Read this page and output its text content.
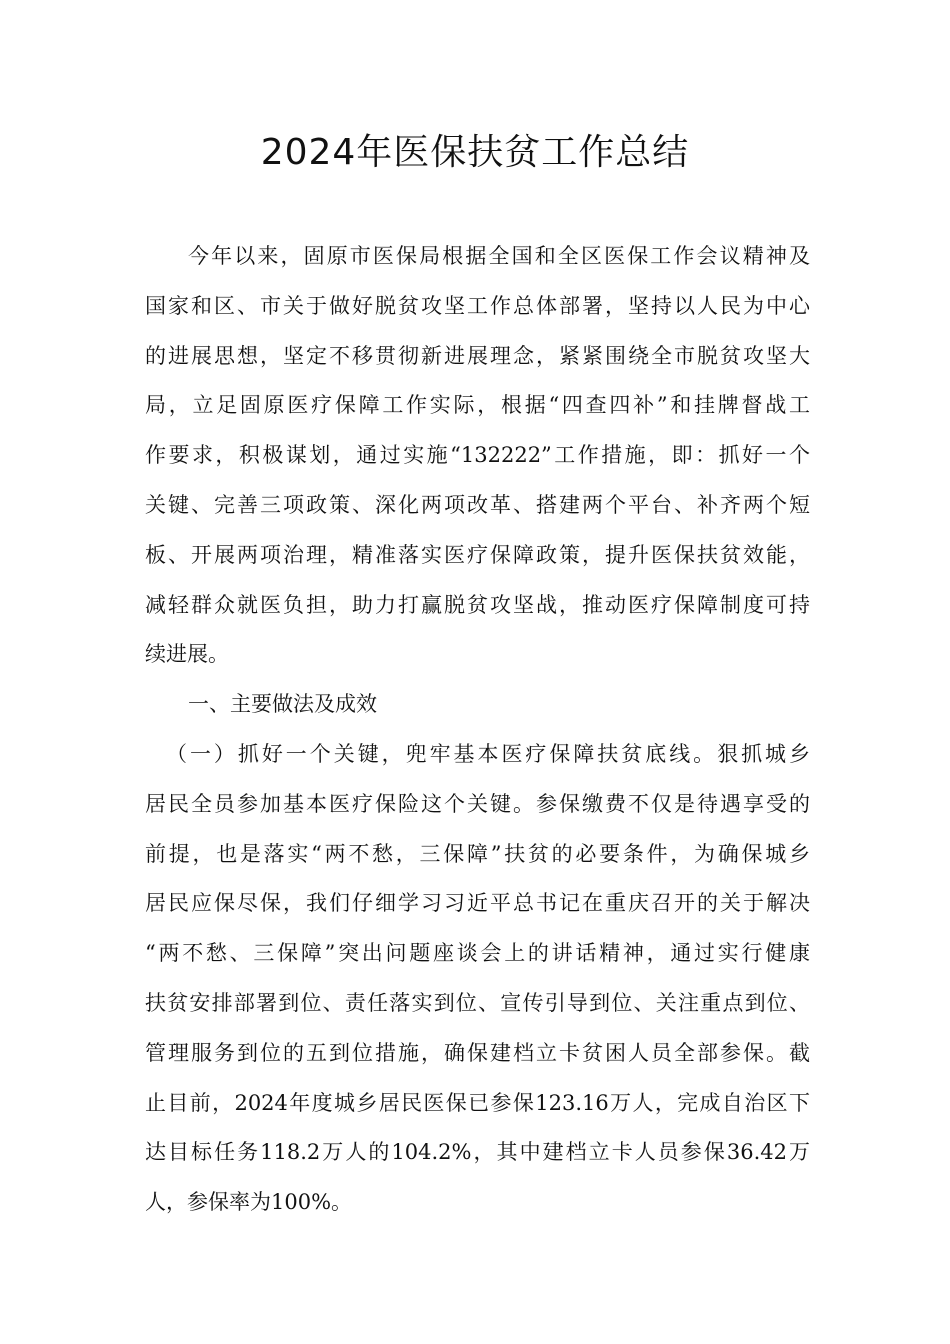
2024年医保扶贫工作总结
今年以来，固原市医保局根据全国和全区医保工作会议精神及
国家和区、市关于做好脱贫攻坚工作总体部署，坚持以人民为中心
的进展思想，坚定不移贯彻新进展理念，紧紧围绕全市脱贫攻坚大
局，立足固原医疗保障工作实际，根据“四查四补”和挂牌督战工
作要求，积极谋划，通过实施“132222”工作措施，即：抓好一个
关键、完善三项政策、深化两项改革、搭建两个平台、补齐两个短
板、开展两项治理，精准落实医疗保障政策，提升医保扶贫效能，
减轻群众就医负担，助力打赢脱贫攻坚战，推动医疗保障制度可持
续进展。
一、主要做法及成效
（一）抓好一个关键，兜牢基本医疗保障扶贫底线。狠抓城乡
居民全员参加基本医疗保险这个关键。参保缴费不仅是待遇享受的
前提，也是落实“两不愁，三保障”扶贫的必要条件，为确保城乡
居民应保尽保，我们仔细学习习近平总书记在重庆召开的关于解决
“两不愁、三保障”突出问题座谈会上的讲话精神，通过实行健康
扶贫安排部署到位、责任落实到位、宣传引导到位、关注重点到位、
管理服务到位的五到位措施，确保建档立卡贫困人员全部参保。截
止目前，2024年度城乡居民医保已参保123.16万人，完成自治区下
达目标任务118.2万人的104.2%，其中建档立卡人员参保36.42万
人，参保率为100%。
